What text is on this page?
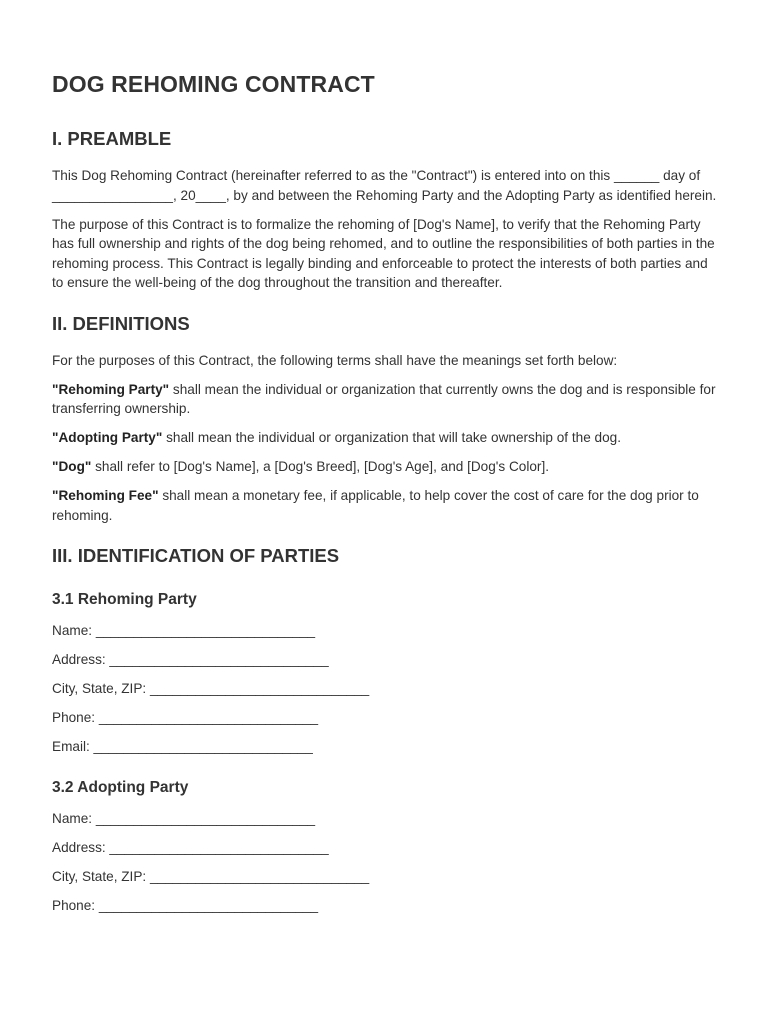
DOG REHOMING CONTRACT
I. PREAMBLE

This Dog Rehoming Contract (hereinafter referred to as the "Contract") is entered into on this ______ day of ________________, 20____, by and between the Rehoming Party and the Adopting Party as identified herein.

The purpose of this Contract is to formalize the rehoming of [Dog's Name], to verify that the Rehoming Party has full ownership and rights of the dog being rehomed, and to outline the responsibilities of both parties in the rehoming process. This Contract is legally binding and enforceable to protect the interests of both parties and to ensure the well-being of the dog throughout the transition and thereafter.

II. DEFINITIONS

For the purposes of this Contract, the following terms shall have the meanings set forth below:

"Rehoming Party" shall mean the individual or organization that currently owns the dog and is responsible for transferring ownership.

"Adopting Party" shall mean the individual or organization that will take ownership of the dog.

"Dog" shall refer to [Dog's Name], a [Dog's Breed], [Dog's Age], and [Dog's Color].

"Rehoming Fee" shall mean a monetary fee, if applicable, to help cover the cost of care for the dog prior to rehoming.

III. IDENTIFICATION OF PARTIES
3.1 Rehoming Party
Name: _____________________________
Address: _____________________________
City, State, ZIP: _____________________________
Phone: _____________________________
Email: _____________________________
3.2 Adopting Party
Name: _____________________________
Address: _____________________________
City, State, ZIP: _____________________________
Phone: _____________________________
